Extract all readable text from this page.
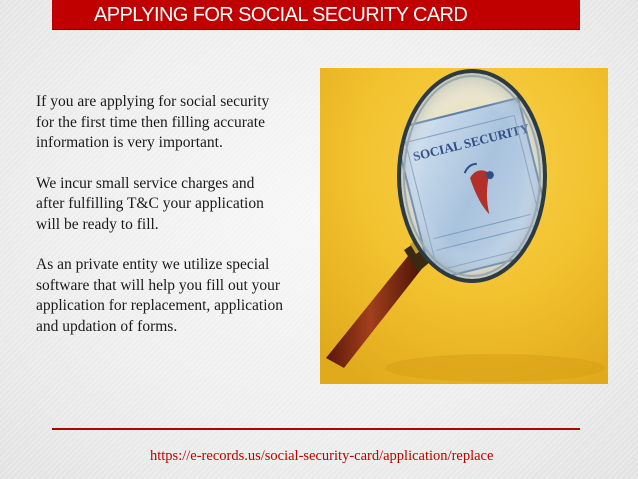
APPLYING FOR SOCIAL SECURITY CARD

If you are applying for social security for the first time then filling accurate information is very important.

We incur small service charges and after fulfilling T&C your application will be ready to fill.

As an private entity we utilize special software that will help you fill out your application for replacement, application and updation of forms.

https://e-records.us/social-security-card/application/replace
